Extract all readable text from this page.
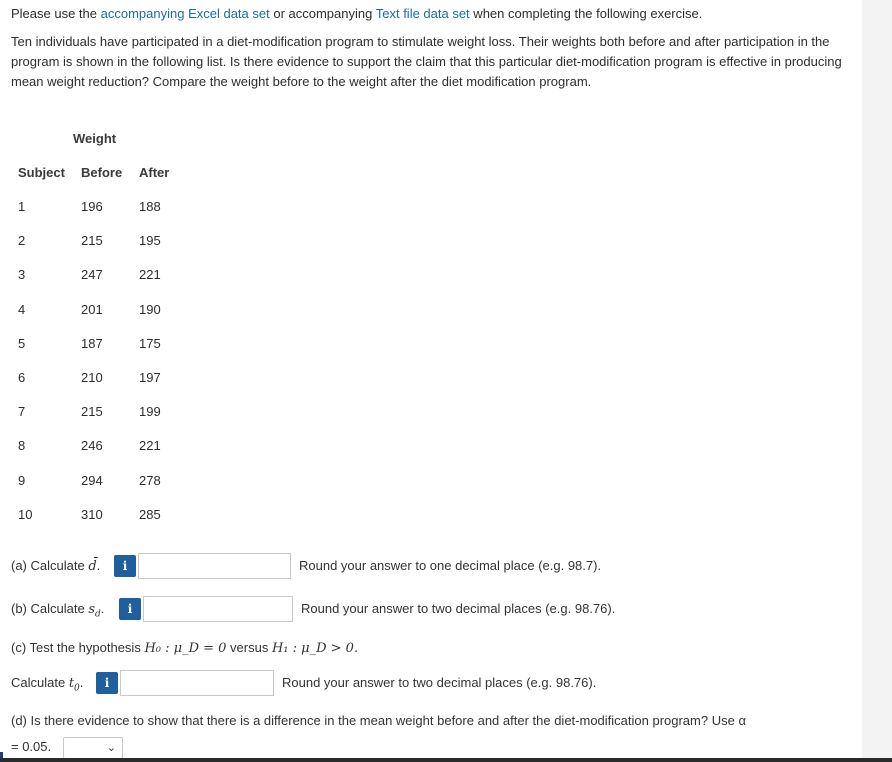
Please use the accompanying Excel data set or accompanying Text file data set when completing the following exercise.

Ten individuals have participated in a diet-modification program to stimulate weight loss. Their weights both before and after participation in the program is shown in the following list. Is there evidence to support the claim that this particular diet-modification program is effective in producing mean weight reduction? Compare the weight before to the weight after the diet modification program.

Weight
Subject Before After
1	196	188
2	215	195
3	247	221
4	201	190
5	187	175
6	210	197
7	215	199
8	246	221
9	294	278
10	310	285
(a) Calculate d̄.	i	Round your answer to one decimal place (e.g. 98.7).
(b) Calculate $s_d$.	i	Round your answer to two decimal places (e.g. 98.76).
(c) Test the hypothesis H₀ : μ_D = 0 versus H₁ : μ_D > 0.
Calculate $t_0$.	i	Round your answer to two decimal places (e.g. 98.76).
(d) Is there evidence to show that there is a difference in the mean weight before and after the diet-modification program? Use α
= 0.05.	⌄
